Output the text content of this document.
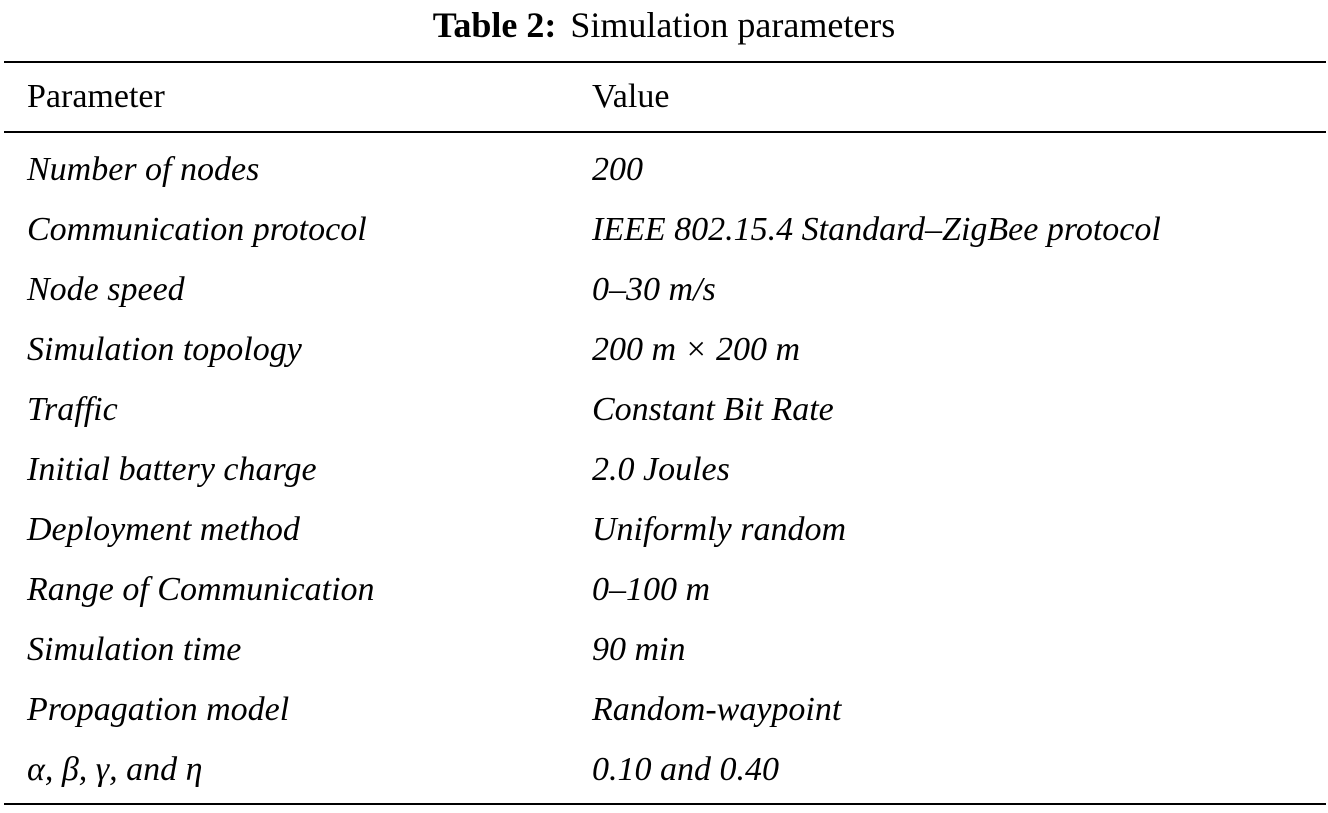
Table 2: Simulation parameters
Parameter	Value
Number of nodes	200
Communication protocol	IEEE 802.15.4 Standard–ZigBee protocol
Node speed	0–30 m/s
Simulation topology	200 m × 200 m
Traffic	Constant Bit Rate
Initial battery charge	2.0 Joules
Deployment method	Uniformly random
Range of Communication	0–100 m
Simulation time	90 min
Propagation model	Random-waypoint
α, β, γ, and η	0.10 and 0.40
